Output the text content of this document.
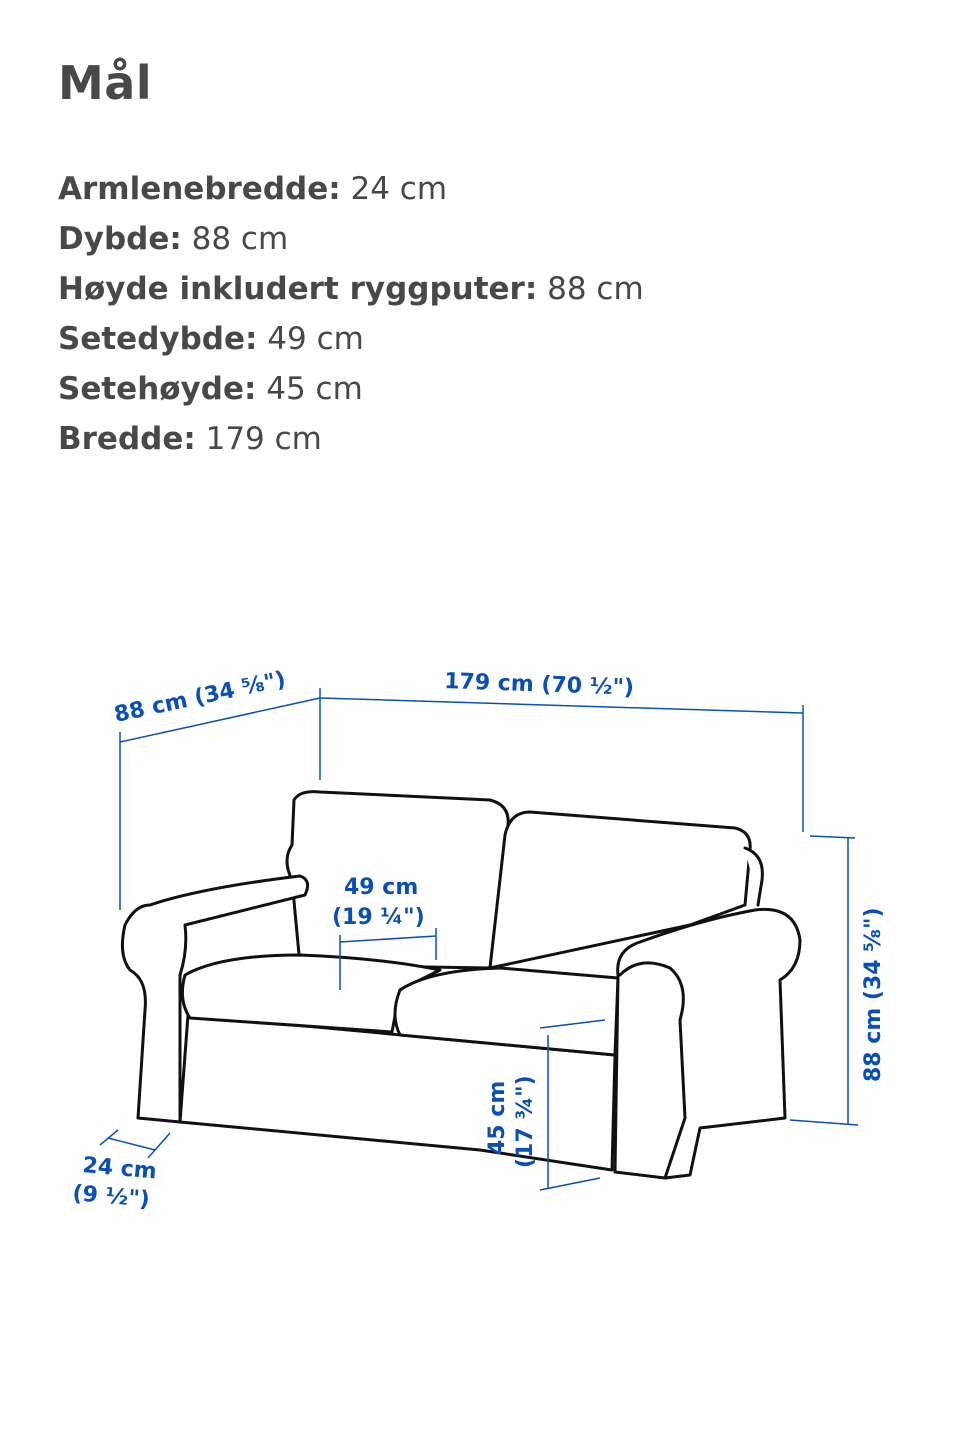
Mål
Armlenebredde: 24 cm
Dybde: 88 cm
Høyde inkludert ryggputer: 88 cm
Setedybde: 49 cm
Setehøyde: 45 cm
Bredde: 179 cm
88 cm (34 ⅝")	179 cm (70 ½")
49 cm
(19 ¼")	88 cm (34 ⅝")
45 cm (17 ¾")
24 cm
(9 ½")
